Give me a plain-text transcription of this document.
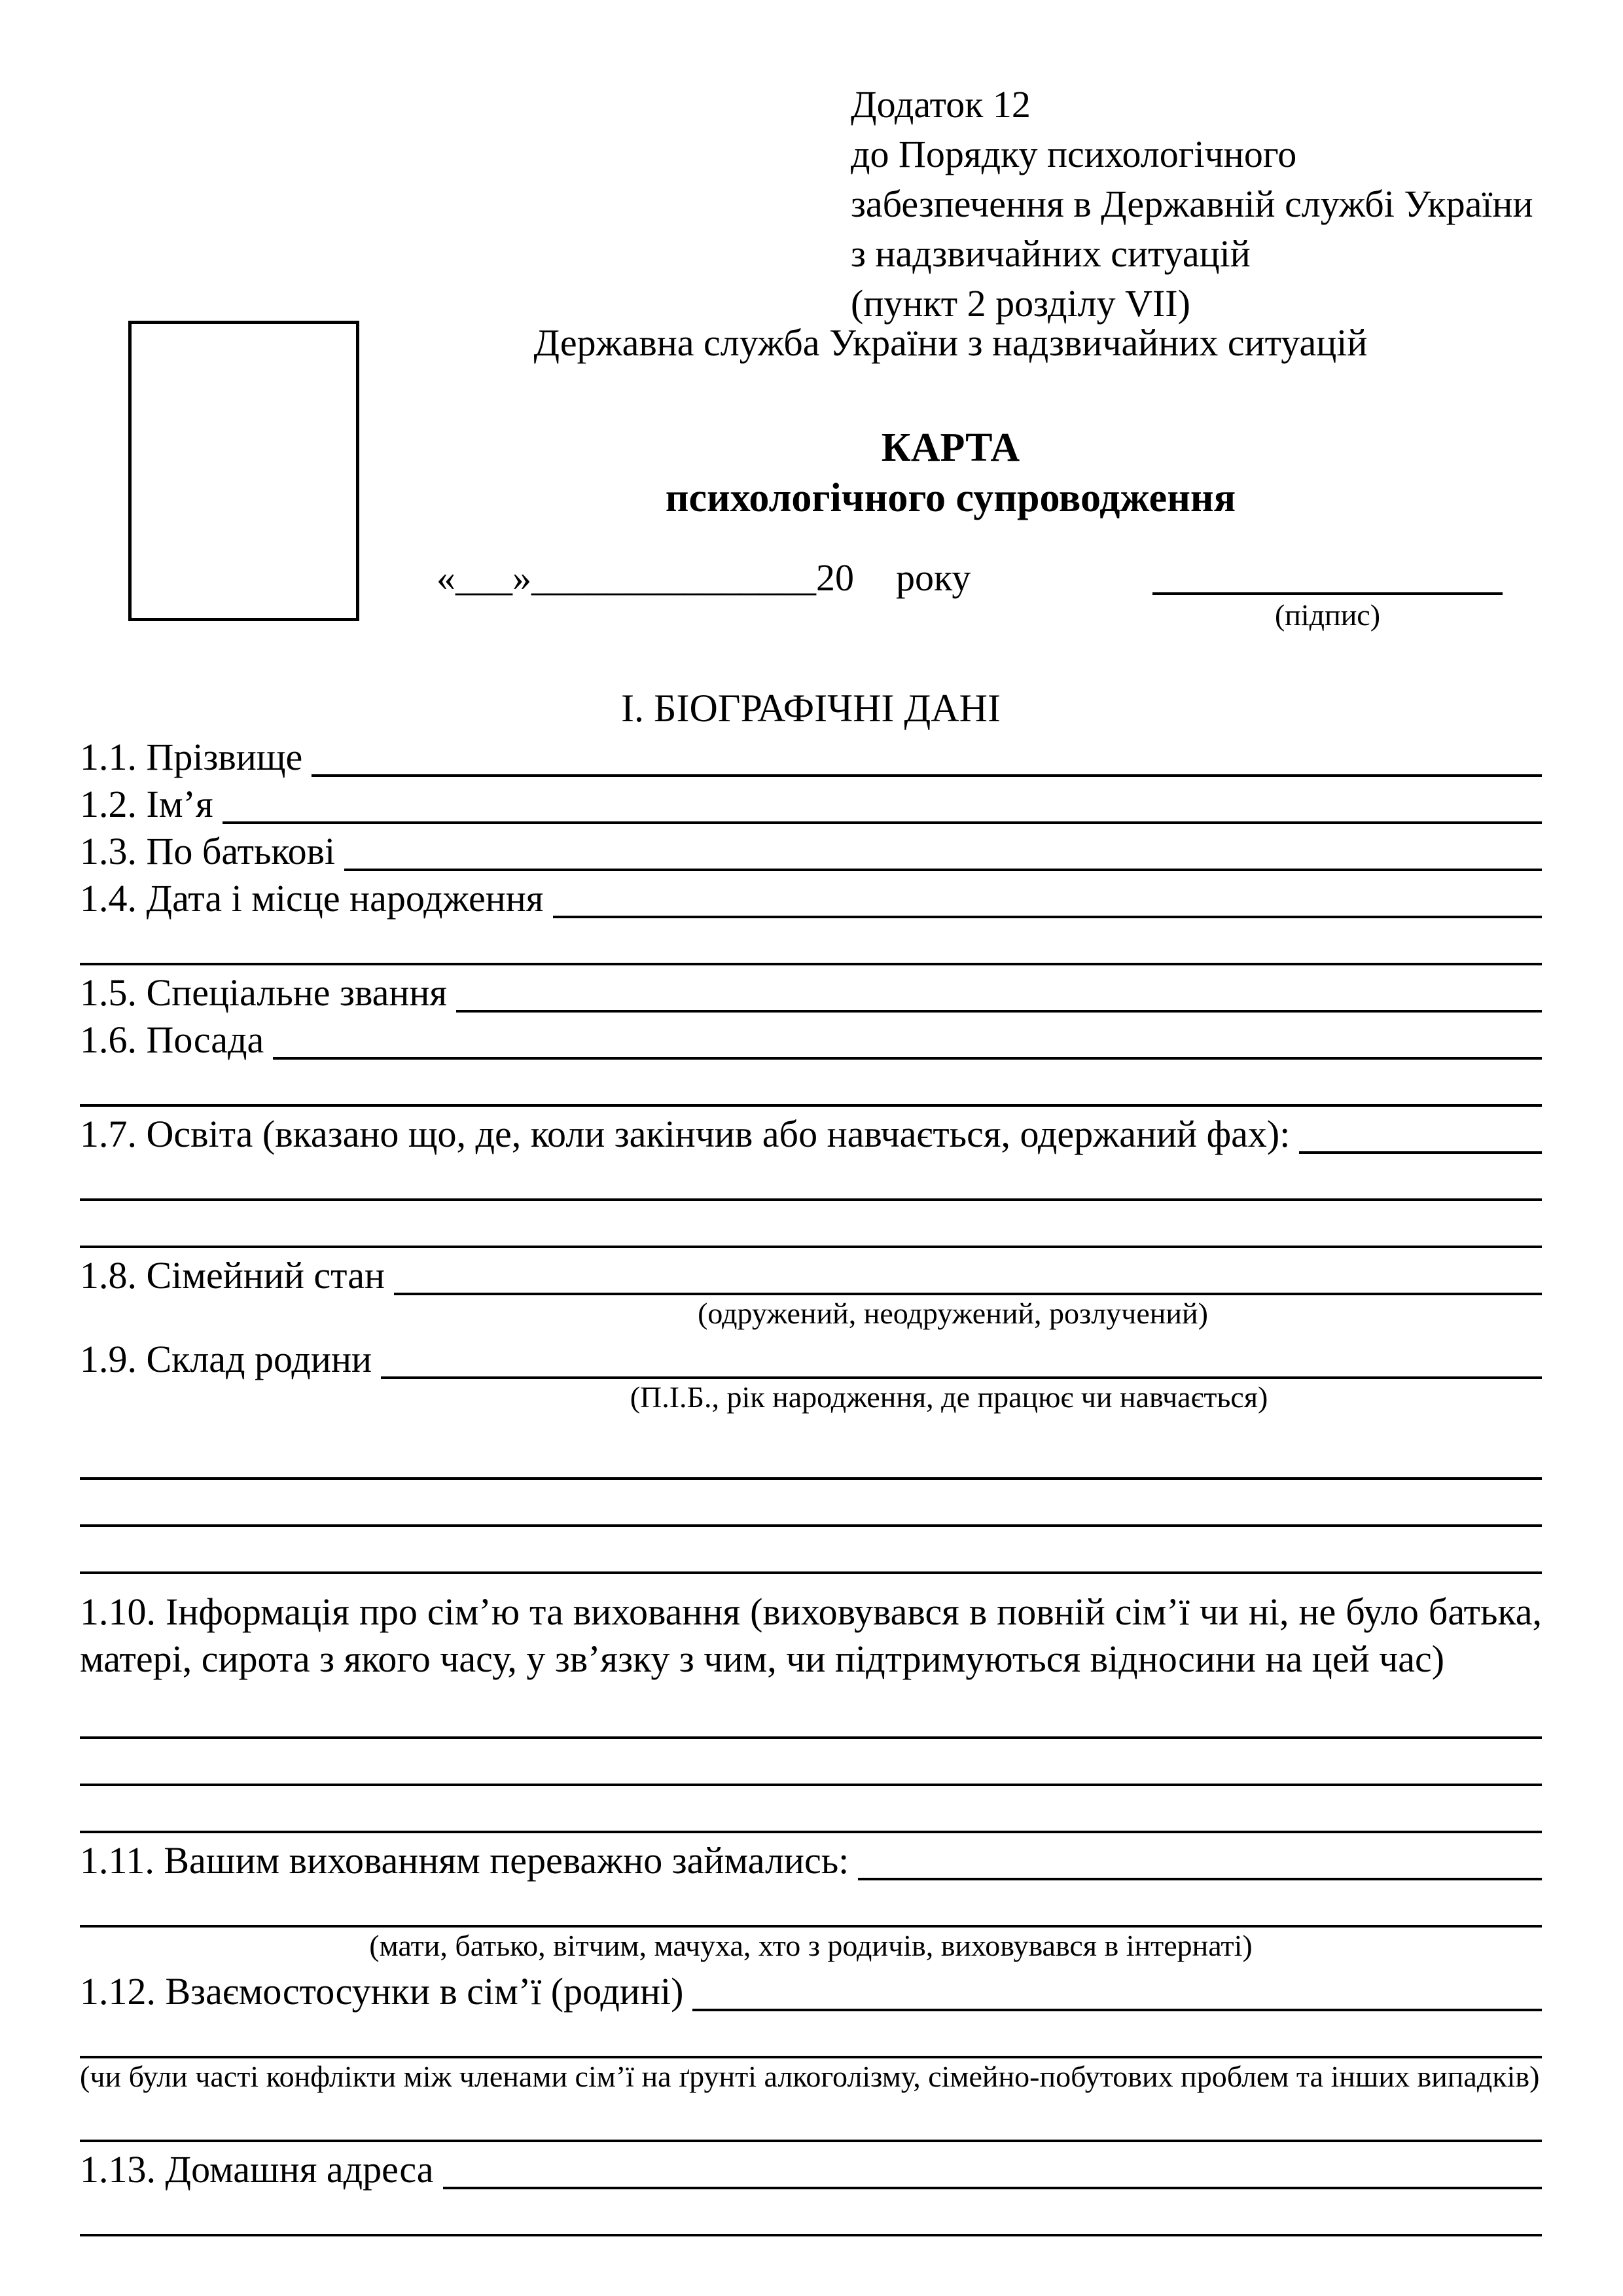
Додаток 12
до Порядку психологічного
забезпечення в Державній службі України
з надзвичайних ситуацій
(пункт 2 розділу VII)
Державна служба України з надзвичайних ситуацій
КАРТА
психологічного супроводження
«___»_______________20 року
(підпис)
І. БІОГРАФІЧНІ ДАНІ
1.1. Прізвище
1.2. Ім’я
1.3. По батькові
1.4. Дата і місце народження
1.5. Спеціальне звання
1.6. Посада
1.7. Освіта (вказано що, де, коли закінчив або навчається, одержаний фах):
1.8. Сімейний стан
(одружений, неодружений, розлучений)
1.9. Склад родини
(П.І.Б., рік народження, де працює чи навчається)
1.10. Інформація про сім’ю та виховання (виховувався в повній сім’ї чи ні, не було батька, матері, сирота з якого часу, у зв’язку з чим, чи підтримуються відносини на цей час)
1.11. Вашим вихованням переважно займались:
(мати, батько, вітчим, мачуха, хто з родичів, виховувався в інтернаті)
1.12. Взаємостосунки в сім’ї (родині)
(чи були часті конфлікти між членами сім’ї на ґрунті алкоголізму, сімейно-побутових проблем та інших випадків)
1.13. Домашня адреса
